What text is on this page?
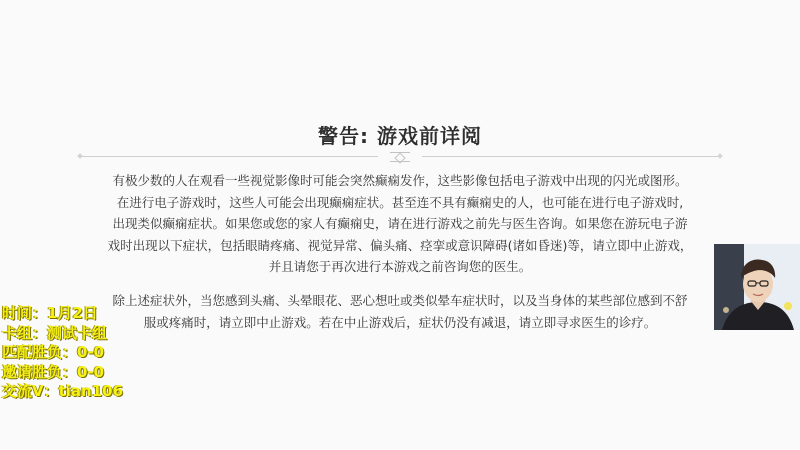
警告: 游戏前详阅
有极少数的人在观看一些视觉影像时可能会突然癫痫发作，这些影像包括电子游戏中出现的闪光或图形。
在进行电子游戏时，这些人可能会出现癫痫症状。甚至连不具有癫痫史的人，也可能在进行电子游戏时,
出现类似癫痫症状。如果您或您的家人有癫痫史，请在进行游戏之前先与医生咨询。如果您在游玩电子游
戏时出现以下症状，包括眼睛疼痛、视觉异常、偏头痛、痉挛或意识障碍(诸如昏迷)等，请立即中止游戏，
并且请您于再次进行本游戏之前咨询您的医生。
除上述症状外，当您感到头痛、头晕眼花、恶心想吐或类似晕车症状时，以及当身体的某些部位感到不舒
服或疼痛时，请立即中止游戏。若在中止游戏后，症状仍没有减退，请立即寻求医生的诊疗。
时间：1月2日
卡组：测试卡组
匹配胜负：0-0
邀请胜负：0-0
交流V：tian106
